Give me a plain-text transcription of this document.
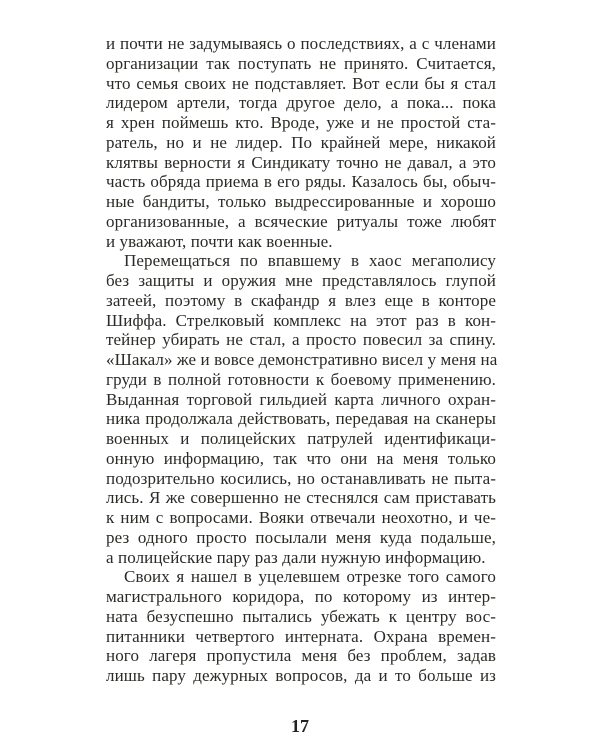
и почти не задумываясь о последствиях, а с членами
организации так поступать не принято. Считается,
что семья своих не подставляет. Вот если бы я стал
лидером артели, тогда другое дело, а пока... пока
я хрен поймешь кто. Вроде, уже и не простой ста-
ратель, но и не лидер. По крайней мере, никакой
клятвы верности я Синдикату точно не давал, а это
часть обряда приема в его ряды. Казалось бы, обыч-
ные бандиты, только выдрессированные и хорошо
организованные, а всяческие ритуалы тоже любят
и уважают, почти как военные.
Перемещаться по впавшему в хаос мегаполису
без защиты и оружия мне представлялось глупой
затеей, поэтому в скафандр я влез еще в конторе
Шиффа. Стрелковый комплекс на этот раз в кон-
тейнер убирать не стал, а просто повесил за спину.
«Шакал» же и вовсе демонстративно висел у меня на
груди в полной готовности к боевому применению.
Выданная торговой гильдией карта личного охран-
ника продолжала действовать, передавая на сканеры
военных и полицейских патрулей идентификаци-
онную информацию, так что они на меня только
подозрительно косились, но останавливать не пыта-
лись. Я же совершенно не стеснялся сам приставать
к ним с вопросами. Вояки отвечали неохотно, и че-
рез одного просто посылали меня куда подальше,
а полицейские пару раз дали нужную информацию.
Своих я нашел в уцелевшем отрезке того самого
магистрального коридора, по которому из интер-
ната безуспешно пытались убежать к центру вос-
питанники четвертого интерната. Охрана времен-
ного лагеря пропустила меня без проблем, задав
лишь пару дежурных вопросов, да и то больше из
17
